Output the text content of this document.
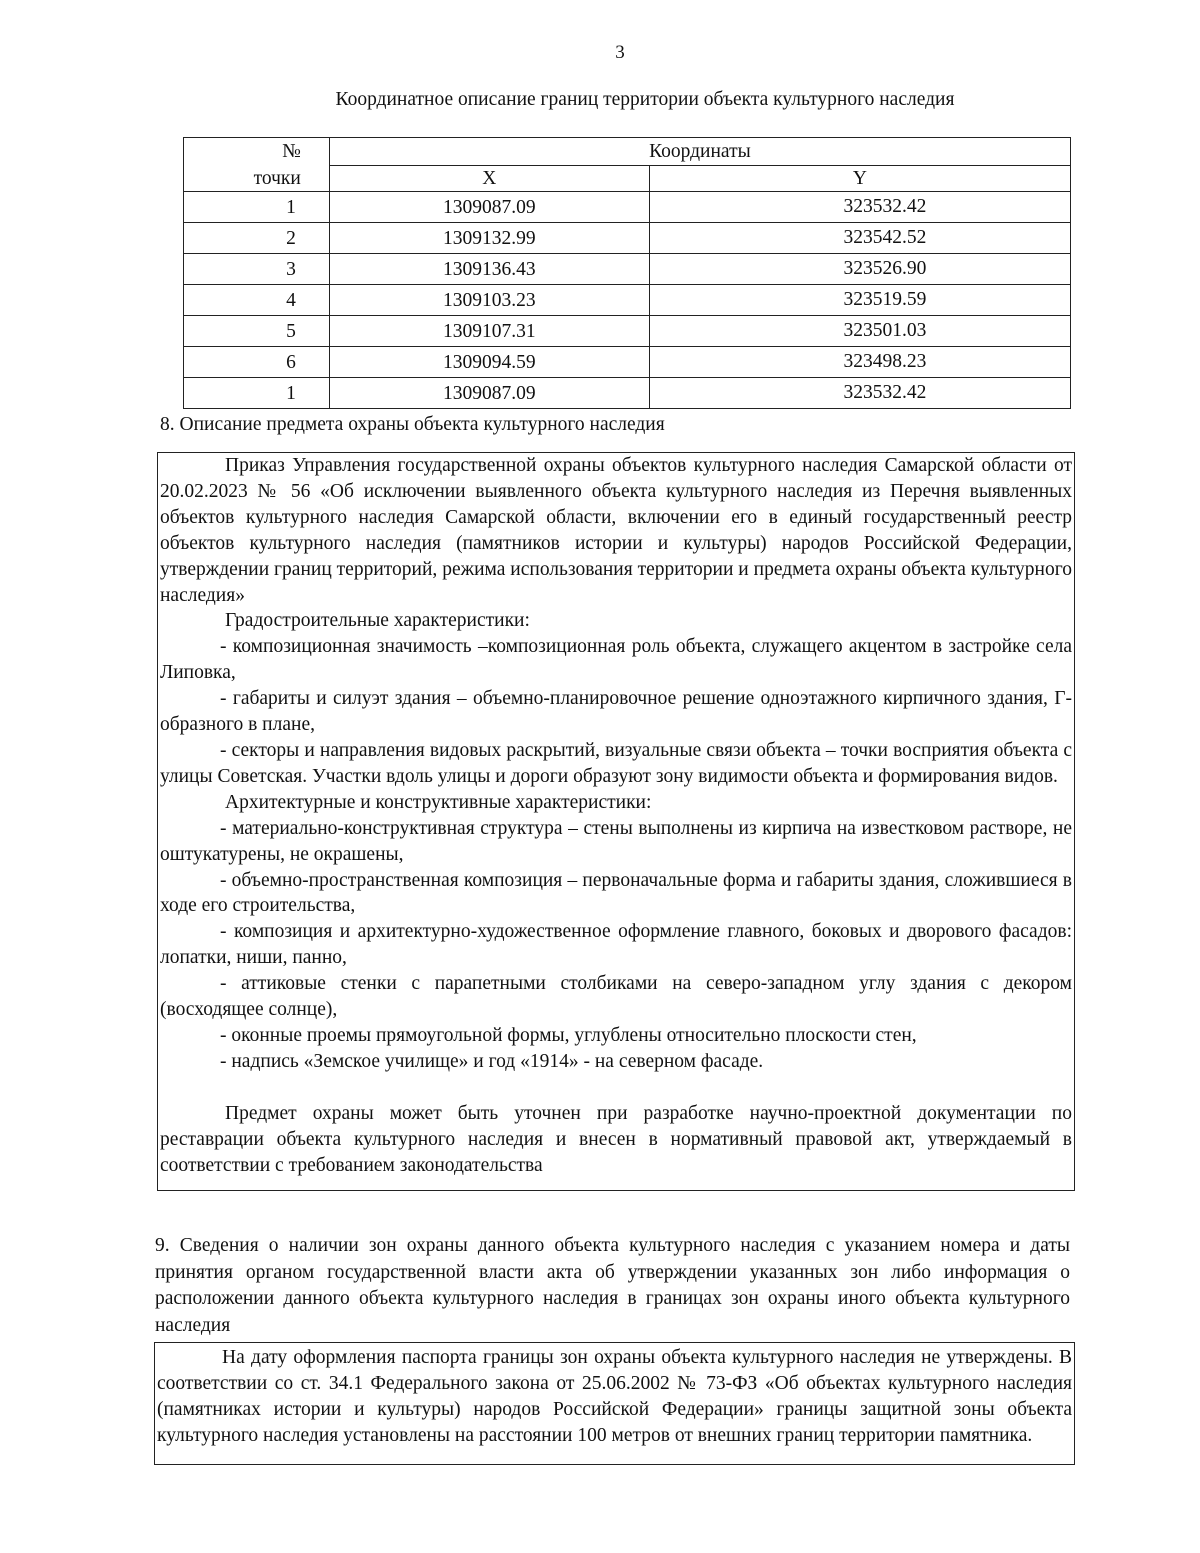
3
Координатное описание границ территории объекта культурного наследия
№	Координаты	
точки	X	Y
1	1309087.09	323532.42
2	1309132.99	323542.52
3	1309136.43	323526.90
4	1309103.23	323519.59
5	1309107.31	323501.03
6	1309094.59	323498.23
1	1309087.09	323532.42
8. Описание предмета охраны объекта культурного наследия

Приказ Управления государственной охраны объектов культурного наследия Самарской области от 20.02.2023 № 56 «Об исключении выявленного объекта культурного наследия из Перечня выявленных объектов культурного наследия Самарской области, включении его в единый государственный реестр объектов культурного наследия (памятников истории и культуры) народов Российской Федерации, утверждении границ территорий, режима использования территории и предмета охраны объекта культурного наследия»

Градостроительные характеристики:

- композиционная значимость –композиционная роль объекта, служащего акцентом в застройке села Липовка,

- габариты и силуэт здания – объемно-планировочное решение одноэтажного кирпичного здания, Г-образного в плане,

- секторы и направления видовых раскрытий, визуальные связи объекта – точки восприятия объекта с улицы Советская. Участки вдоль улицы и дороги образуют зону видимости объекта и формирования видов.

Архитектурные и конструктивные характеристики:

- материально-конструктивная структура – стены выполнены из кирпича на известковом растворе, не оштукатурены, не окрашены,

- объемно-пространственная композиция – первоначальные форма и габариты здания, сложившиеся в ходе его строительства,

- композиция и архитектурно-художественное оформление главного, боковых и дворового фасадов: лопатки, ниши, панно,

- аттиковые стенки с парапетными столбиками на северо-западном углу здания с декором (восходящее солнце),

- оконные проемы прямоугольной формы, углублены относительно плоскости стен,

- надпись «Земское училище» и год «1914» - на северном фасаде.

Предмет охраны может быть уточнен при разработке научно-проектной документации по реставрации объекта культурного наследия и внесен в нормативный правовой акт, утверждаемый в соответствии с требованием законодательства

9. Сведения о наличии зон охраны данного объекта культурного наследия с указанием номера и даты принятия органом государственной власти акта об утверждении указанных зон либо информация о расположении данного объекта культурного наследия в границах зон охраны иного объекта культурного наследия

На дату оформления паспорта границы зон охраны объекта культурного наследия не утверждены. В соответствии со ст. 34.1 Федерального закона от 25.06.2002 № 73-ФЗ «Об объектах культурного наследия (памятниках истории и культуры) народов Российской Федерации» границы защитной зоны объекта культурного наследия установлены на расстоянии 100 метров от внешних границ территории памятника.
